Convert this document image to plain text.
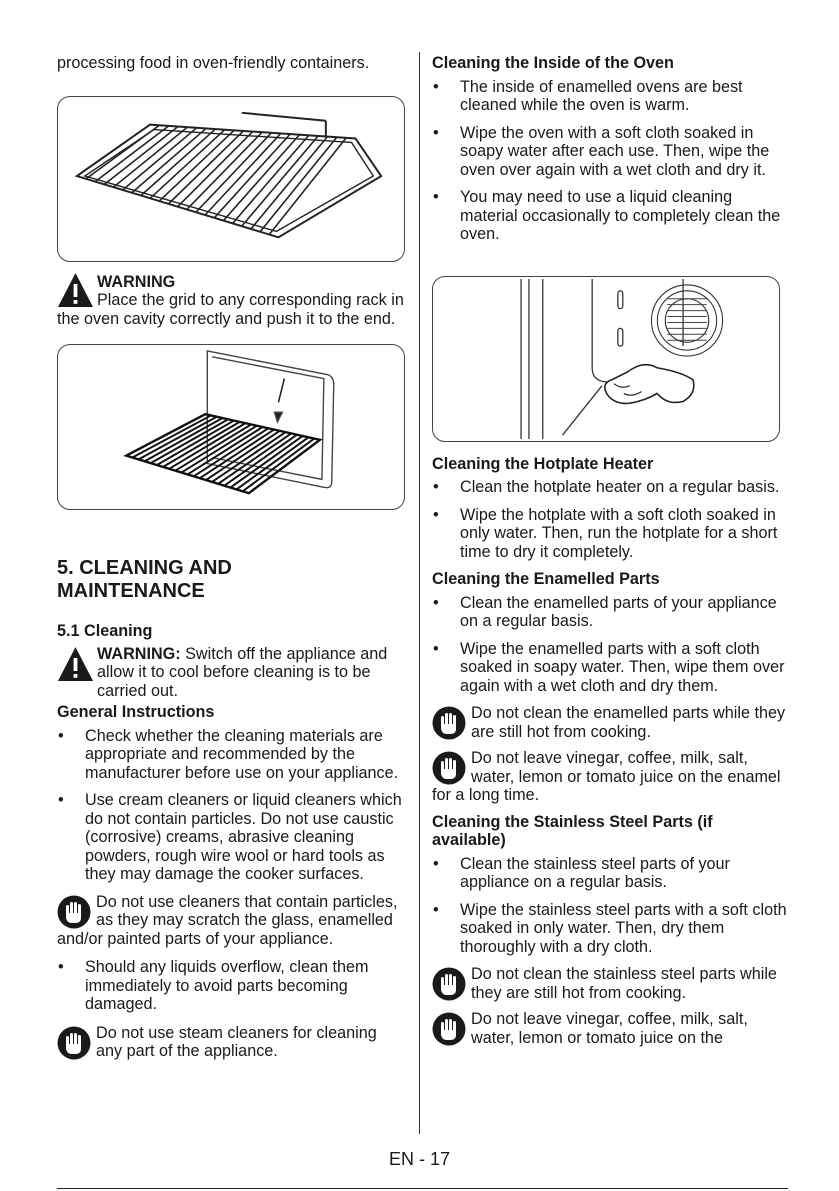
processing food in oven-friendly containers.

WARNING

Place the grid to any corresponding rack in the oven cavity correctly and push it to the end.

5. CLEANING AND
MAINTENANCE

5.1 Cleaning

WARNING: Switch off the appliance and allow it to cool before cleaning is to be carried out.

General Instructions

• Check whether the cleaning materials are appropriate and recommended by the manufacturer before use on your appliance.

• Use cream cleaners or liquid cleaners which do not contain particles. Do not use caustic (corrosive) creams, abrasive cleaning powders, rough wire wool or hard tools as they may damage the cooker surfaces.

Do not use cleaners that contain particles, as they may scratch the glass, enamelled and/or painted parts of your appliance.

• Should any liquids overflow, clean them immediately to avoid parts becoming damaged.

Do not use steam cleaners for cleaning any part of the appliance.

Cleaning the Inside of the Oven

• The inside of enamelled ovens are best cleaned while the oven is warm.

• Wipe the oven with a soft cloth soaked in soapy water after each use. Then, wipe the oven over again with a wet cloth and dry it.

• You may need to use a liquid cleaning material occasionally to completely clean the oven.

Cleaning the Hotplate Heater

• Clean the hotplate heater on a regular basis.

• Wipe the hotplate with a soft cloth soaked in only water. Then, run the hotplate for a short time to dry it completely.

Cleaning the Enamelled Parts

• Clean the enamelled parts of your appliance on a regular basis.

• Wipe the enamelled parts with a soft cloth soaked in soapy water. Then, wipe them over again with a wet cloth and dry them.

Do not clean the enamelled parts while they are still hot from cooking.

Do not leave vinegar, coffee, milk, salt, water, lemon or tomato juice on the enamel for a long time.

Cleaning the Stainless Steel Parts (if available)

• Clean the stainless steel parts of your appliance on a regular basis.

• Wipe the stainless steel parts with a soft cloth soaked in only water. Then, dry them thoroughly with a dry cloth.

Do not clean the stainless steel parts while they are still hot from cooking.

Do not leave vinegar, coffee, milk, salt, water, lemon or tomato juice on the

EN - 17
